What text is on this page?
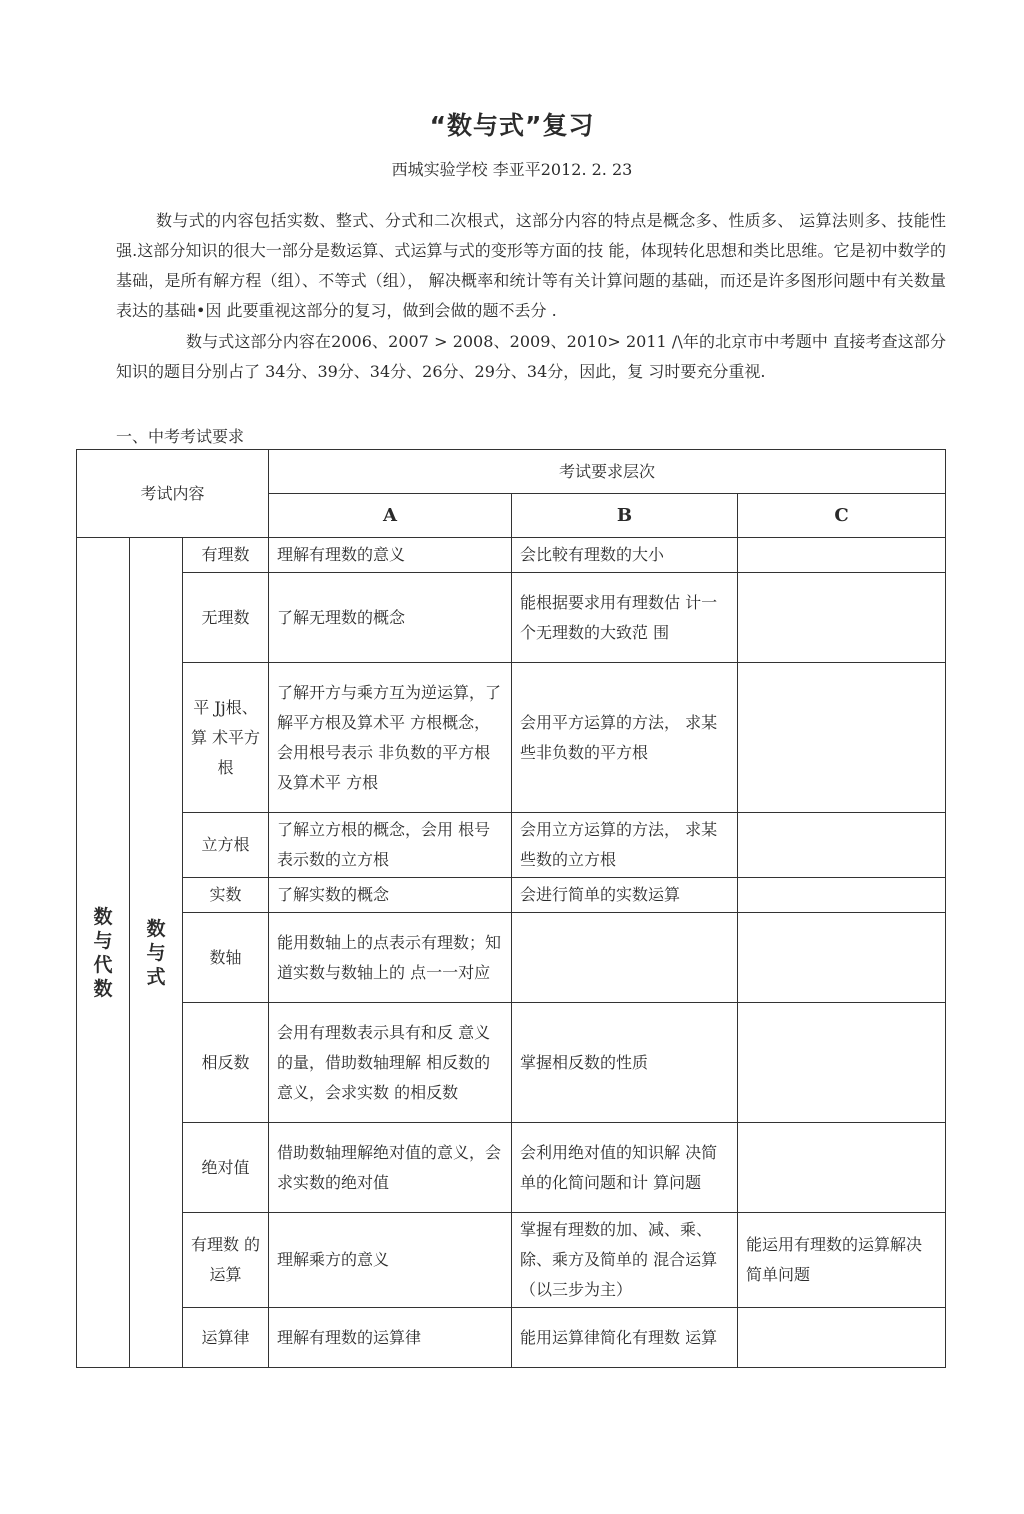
“数与式”复习
西城实验学校 李亚平2012. 2. 23

数与式的内容包括实数、整式、分式和二次根式，这部分内容的特点是概念多、性质多、 运算法则多、技能性强.这部分知识的很大一部分是数运算、式运算与式的变形等方面的技 能，体现转化思想和类比思维。它是初中数学的基础，是所有解方程（组）、不等式（组）， 解决概率和统计等有关计算问题的基础，而还是许多图形问题中有关数量表达的基础•因 此要重视这部分的复习，做到会做的题不丢分 .

数与式这部分内容在2006、2007 > 2008、2009、2010> 2011 /\年的北京市中考题中 直接考查这部分知识的题目分别占了 34分、39分、34分、26分、29分、34分，因此，复 习时要充分重视.

一、中考考试要求
考试内容			考试要求层次		
			A	B	C
数与代数	数与式	有理数	理解有理数的意义	会比較有理数的大小	
		无理数	了解无理数的概念	能根据要求用有理数估 计一个无理数的大致范 围	
		平 Jj根、算 术平方根	了解开方与乘方互为逆运算，了解平方根及算术平 方根概念，会用根号表示 非负数的平方根及算术平 方根	会用平方运算的方法， 求某些非负数的平方根	
		立方根	了解立方根的概念，会用 根号表示数的立方根	会用立方运算的方法， 求某些数的立方根	
		实数	了解实数的概念	会进行简单的实数运算	
		数轴	能用数轴上的点表示有理数；知道实数与数轴上的 点一一对应		
		相反数	会用有理数表示具有和反 意义的量，借助数轴理解 相反数的意义，会求实数 的相反数	掌握相反数的性质	
		绝对值	借助数轴理解绝对值的意义，会求实数的绝对值	会利用绝对值的知识解 决简单的化简问题和计 算问题	
		有理数 的运算	理解乘方的意义	掌握有理数的加、减、乘、除、乘方及简单的 混合运算（以三步为主）	能运用有理数的运算解决简单问题
		运算律	理解有理数的运算律	能用运算律简化有理数 运算	
